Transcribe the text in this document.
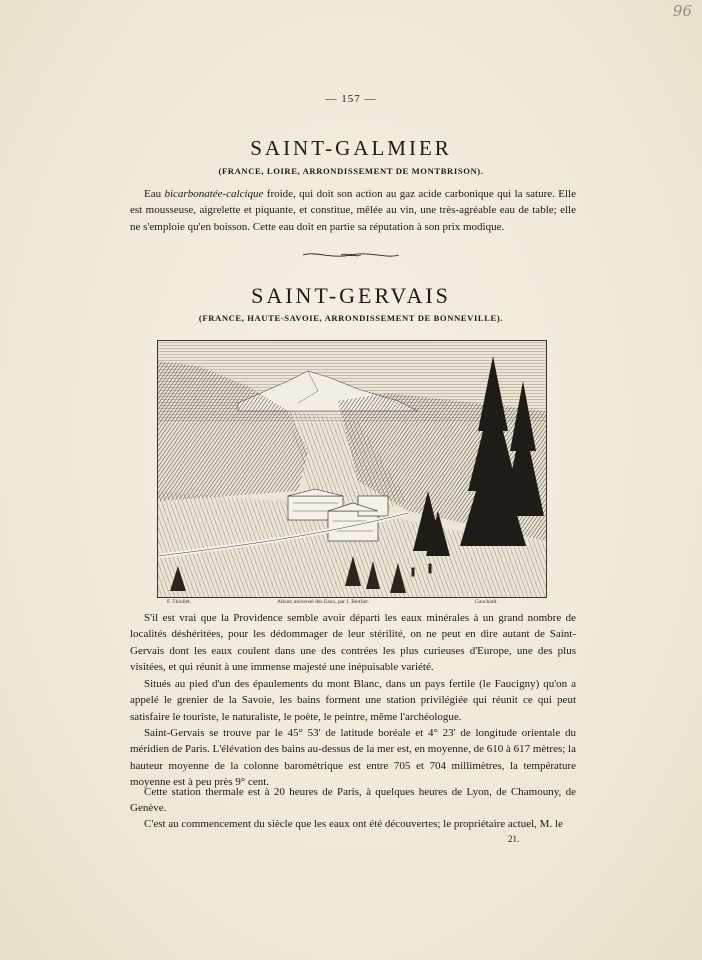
96
— 157 —
SAINT-GALMIER
(FRANCE, LOIRE, ARRONDISSEMENT DE MONTBRISON).
Eau bicarbonatée-calcique froide, qui doit son action au gaz acide carbonique qui la sature. Elle est mousseuse, aigrelette et piquante, et constitue, mêlée au vin, une très-agréable eau de table; elle ne s'emploie qu'en boisson. Cette eau doit en partie sa réputation à son prix modique.
SAINT-GERVAIS
(FRANCE, HAUTE-SAVOIE, ARRONDISSEMENT DE BONNEVILLE).
F. Thiollet.	Album universel des Eaux, par J. Bertlier.	Gauchard.
S'il est vrai que la Providence semble avoir départi les eaux minérales à un grand nombre de localités déshéritées, pour les dédommager de leur stérilité, on ne peut en dire autant de Saint-Gervais dont les eaux coulent dans une des contrées les plus curieuses d'Europe, une des plus visitées, et qui réunit à une immense majesté une inépuisable variété.
Situés au pied d'un des épaulements du mont Blanc, dans un pays fertile (le Faucigny) qu'on a appelé le grenier de la Savoie, les bains forment une station privilégiée qui réunit ce qui peut satisfaire le touriste, le naturaliste, le poète, le peintre, même l'archéologue.
Saint-Gervais se trouve par le 45° 53' de latitude boréale et 4° 23' de longitude orientale du méridien de Paris. L'élévation des bains au-dessus de la mer est, en moyenne, de 610 à 617 mètres; la hauteur moyenne de la colonne barométrique est entre 705 et 704 millimètres, la température moyenne est à peu près 9° cent.
Cette station thermale est à 20 heures de Paris, à quelques heures de Lyon, de Chamouny, de Genève.
C'est au commencement du siècle que les eaux ont été découvertes; le propriétaire actuel, M. le
21.
